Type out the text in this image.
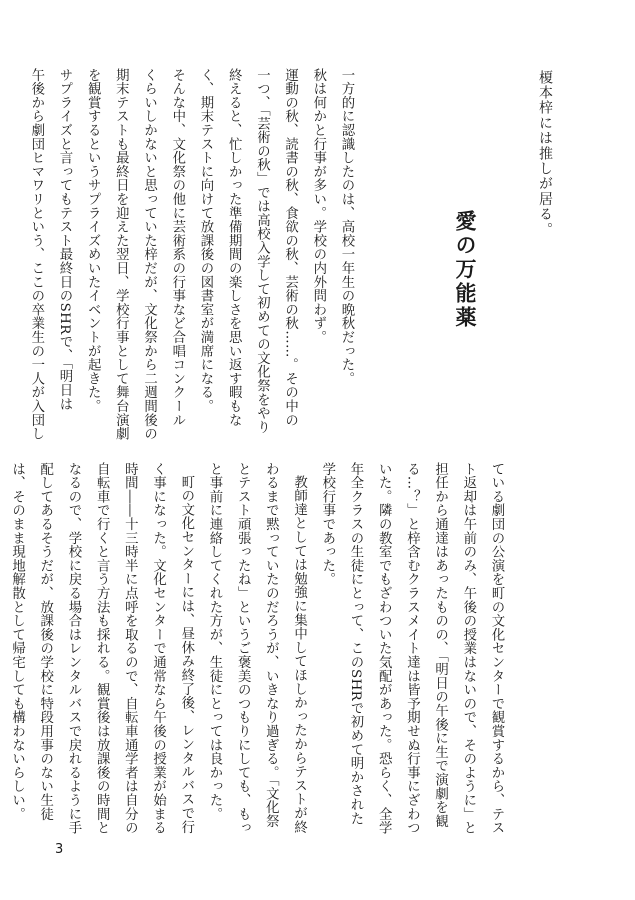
榎本梓には推しが居る。
愛の万能薬

一方的に認識したのは、高校一年生の晩秋だった。

秋は何かと行事が多い。学校の内外問わず。

運動の秋、読書の秋、食欲の秋、芸術の秋……。その中の

一つ、「芸術の秋」では高校入学して初めての文化祭をやり

終えると、忙しかった準備期間の楽しさを思い返す暇もな

く、期末テストに向けて放課後の図書室が満席になる。

そんな中、文化祭の他に芸術系の行事など合唱コンクール

くらいしかないと思っていた梓だが、文化祭から二週間後の

期末テストも最終日を迎えた翌日、学校行事として舞台演劇

を観賞するというサプライズめいたイベントが起きた。

サプライズと言ってもテスト最終日のSHRで、「明日は

午後から劇団ヒマワリという、ここの卒業生の一人が入団し

ている劇団の公演を町の文化センターで観賞するから、テス

ト返却は午前のみ、午後の授業はないので、そのように」と

担任から通達はあったものの、「明日の午後に生で演劇を観

る…？」と梓含むクラスメイト達は皆予期せぬ行事にざわつ

いた。隣の教室でもざわついた気配があった。恐らく、全学

年全クラスの生徒にとって、このSHRで初めて明かされた

学校行事であった。

教師達としては勉強に集中してほしかったからテストが終

わるまで黙っていたのだろうが、いきなり過ぎる。「文化祭

とテスト頑張ったね」というご褒美のつもりにしても、もっ

と事前に連絡してくれた方が、生徒にとっては良かった。

町の文化センターには、昼休み終了後、レンタルバスで行

く事になった。文化センターで通常なら午後の授業が始まる

時間――十三時半に点呼を取るので、自転車通学者は自分の

自転車で行くと言う方法も採れる。観賞後は放課後の時間と

なるので、学校に戻る場合はレンタルバスで戻れるように手

配してあるそうだが、放課後の学校に特段用事のない生徒

は、そのまま現地解散として帰宅しても構わないらしい。

3
